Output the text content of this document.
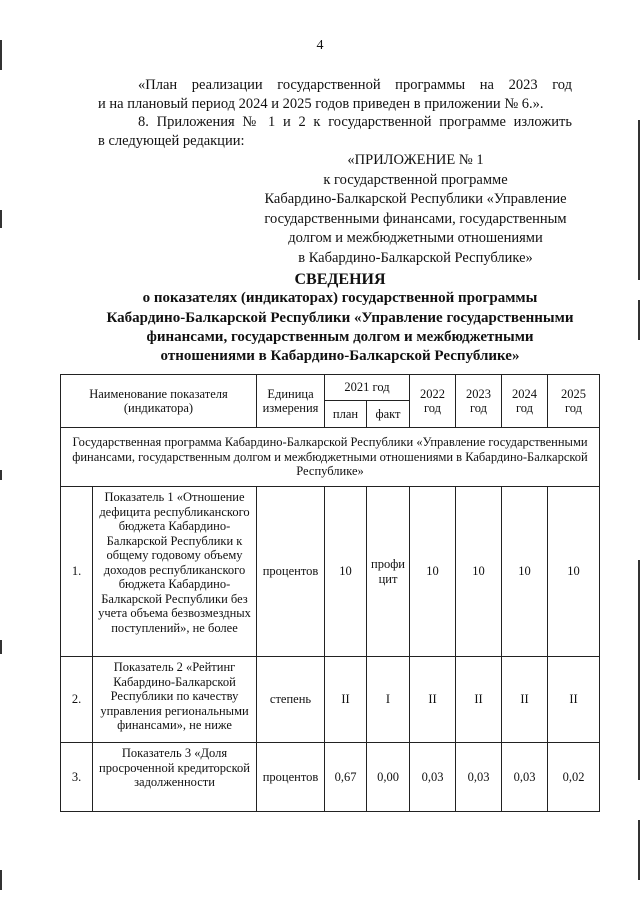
4
«План реализации государственной программы на 2023 год
и на плановый период 2024 и 2025 годов приведен в приложении № 6.».
8. Приложения № 1 и 2 к государственной программе изложить
в следующей редакции:
«ПРИЛОЖЕНИЕ № 1
к государственной программе
Кабардино-Балкарской Республики «Управление
государственными финансами, государственным
долгом и межбюджетными отношениями
в Кабардино-Балкарской Республике»
СВЕДЕНИЯ
о показателях (индикаторах) государственной программы
Кабардино-Балкарской Республики «Управление государственными
финансами, государственным долгом и межбюджетными
отношениями в Кабардино-Балкарской Республике»
Наименование показателя (индикатора)		Единица измерения	2021 год		2022 год	2023 год	2024 год	2025 год
			план	факт				
Государственная программа Кабардино-Балкарской Республики «Управление государственными финансами, государственным долгом и межбюджетными отношениями в Кабардино-Балкарской Республике»								
1.	Показатель 1 «Отношение дефицита республиканского бюджета Кабардино-Балкарской Республики к общему годовому объему доходов республиканского бюджета Кабардино-Балкарской Республики без учета объема безвозмездных поступлений», не более	процентов	10	профи цит	10	10	10	10
2.	Показатель 2 «Рейтинг Кабардино-Балкарской Республики по качеству управления региональными финансами», не ниже	степень	II	I	II	II	II	II
3.	Показатель 3 «Доля просроченной кредиторской задолженности	процентов	0,67	0,00	0,03	0,03	0,03	0,02
